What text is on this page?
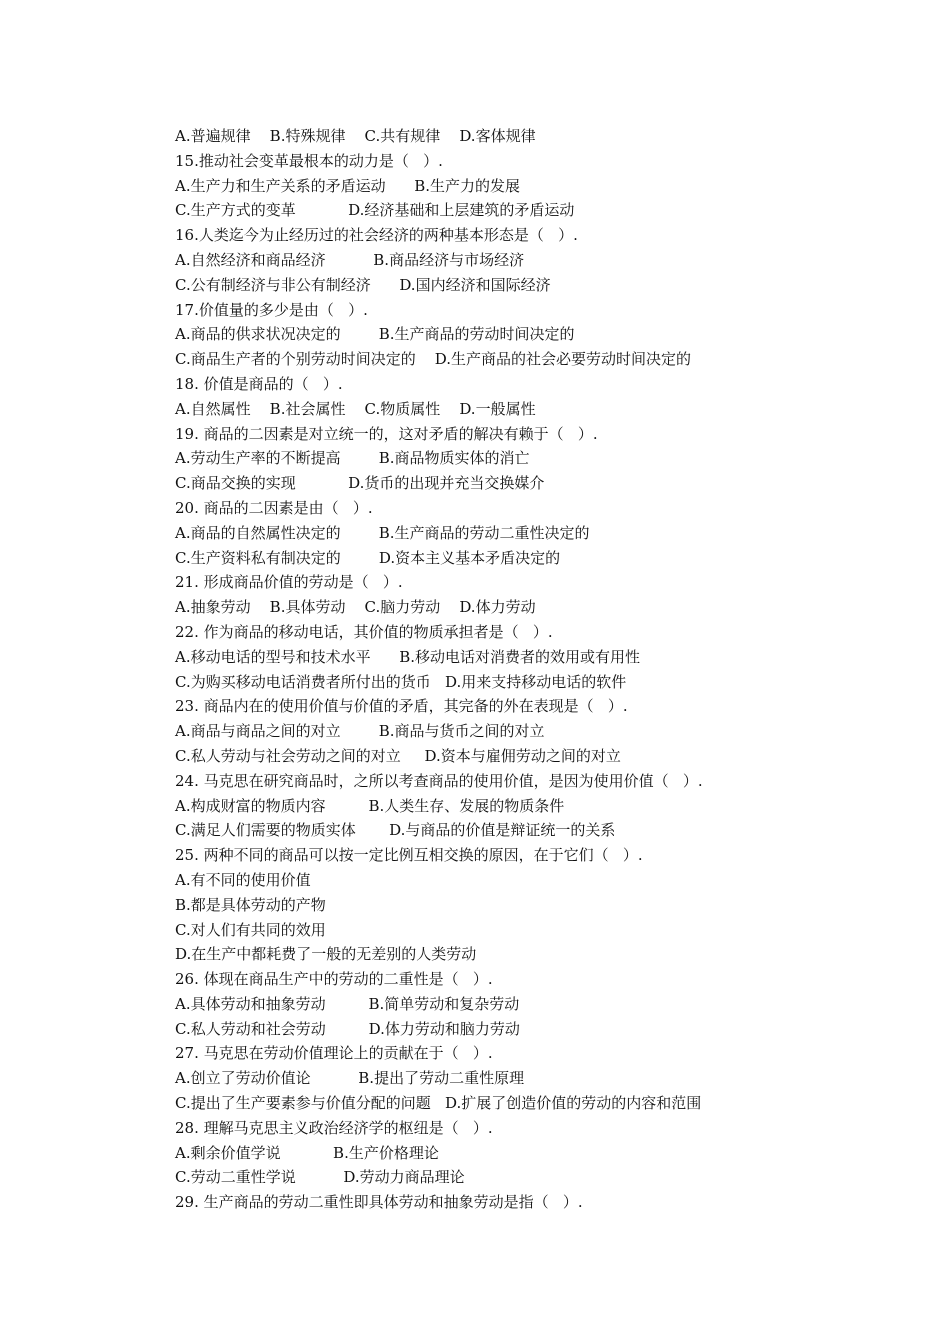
A.普遍规律    B.特殊规律    C.共有规律    D.客体规律
15.推动社会变革最根本的动力是（   ）.
A.生产力和生产关系的矛盾运动      B.生产力的发展
C.生产方式的变革           D.经济基础和上层建筑的矛盾运动
16.人类迄今为止经历过的社会经济的两种基本形态是（   ）.
A.自然经济和商品经济          B.商品经济与市场经济
C.公有制经济与非公有制经济      D.国内经济和国际经济
17.价值量的多少是由（   ）.
A.商品的供求状况决定的        B.生产商品的劳动时间决定的
C.商品生产者的个别劳动时间决定的    D.生产商品的社会必要劳动时间决定的
18. 价值是商品的（   ）.
A.自然属性    B.社会属性    C.物质属性    D.一般属性
19. 商品的二因素是对立统一的，这对矛盾的解决有赖于（   ）.
A.劳动生产率的不断提高        B.商品物质实体的消亡
C.商品交换的实现           D.货币的出现并充当交换媒介
20. 商品的二因素是由（   ）.
A.商品的自然属性决定的        B.生产商品的劳动二重性决定的
C.生产资料私有制决定的        D.资本主义基本矛盾决定的
21. 形成商品价值的劳动是（   ）.
A.抽象劳动    B.具体劳动    C.脑力劳动    D.体力劳动
22. 作为商品的移动电话，其价值的物质承担者是（   ）.
A.移动电话的型号和技术水平      B.移动电话对消费者的效用或有用性
C.为购买移动电话消费者所付出的货币   D.用来支持移动电话的软件
23. 商品内在的使用价值与价值的矛盾，其完备的外在表现是（   ）.
A.商品与商品之间的对立        B.商品与货币之间的对立
C.私人劳动与社会劳动之间的对立     D.资本与雇佣劳动之间的对立
24. 马克思在研究商品时，之所以考查商品的使用价值，是因为使用价值（   ）.
A.构成财富的物质内容         B.人类生存、发展的物质条件
C.满足人们需要的物质实体       D.与商品的价值是辩证统一的关系
25. 两种不同的商品可以按一定比例互相交换的原因，在于它们（   ）.
A.有不同的使用价值
B.都是具体劳动的产物
C.对人们有共同的效用
D.在生产中都耗费了一般的无差别的人类劳动
26. 体现在商品生产中的劳动的二重性是（   ）.
A.具体劳动和抽象劳动         B.简单劳动和复杂劳动
C.私人劳动和社会劳动         D.体力劳动和脑力劳动
27. 马克思在劳动价值理论上的贡献在于（   ）.
A.创立了劳动价值论          B.提出了劳动二重性原理
C.提出了生产要素参与价值分配的问题   D.扩展了创造价值的劳动的内容和范围
28. 理解马克思主义政治经济学的枢纽是（   ）.
A.剩余价值学说           B.生产价格理论
C.劳动二重性学说          D.劳动力商品理论
29. 生产商品的劳动二重性即具体劳动和抽象劳动是指（   ）.
